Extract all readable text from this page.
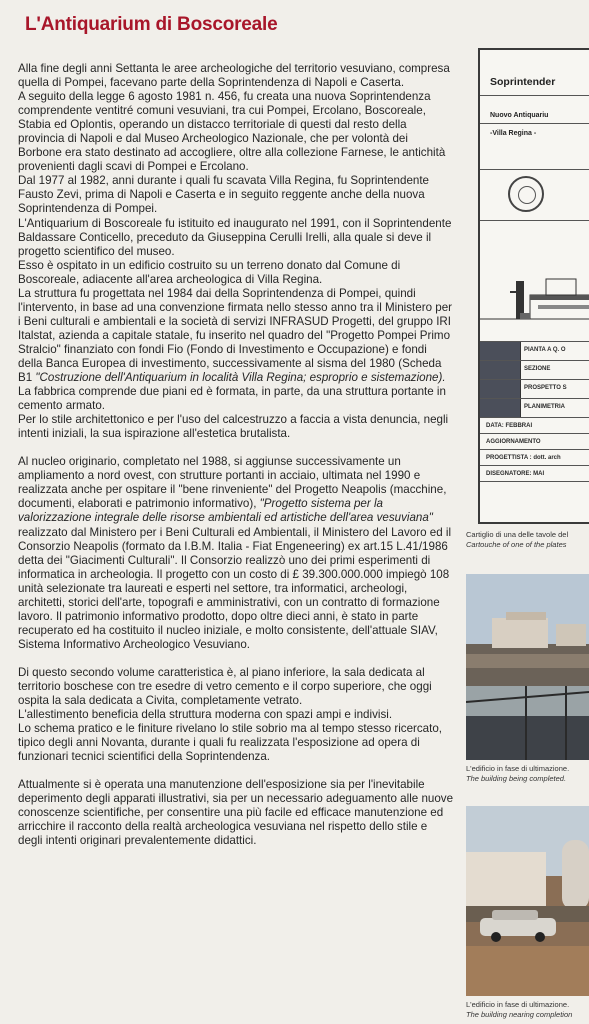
L'Antiquarium di Boscoreale

Alla fine degli anni Settanta le aree archeologiche del territorio vesuviano, compresa quella di Pompei, facevano parte della Soprintendenza di Napoli e Caserta.

A seguito della legge 6 agosto 1981 n. 456, fu creata una nuova Soprintendenza comprendente ventitré comuni vesuviani, tra cui Pompei, Ercolano, Boscoreale, Stabia ed Oplontis, operando un distacco territoriale di questi dal resto della provincia di Napoli e dal Museo Archeologico Nazionale, che per volontà dei Borbone era stato destinato ad accogliere, oltre alla collezione Farnese, le antichità provenienti dagli scavi di Pompei e Ercolano.

Dal 1977 al 1982, anni durante i quali fu scavata Villa Regina, fu Soprintendente Fausto Zevi, prima di Napoli e Caserta e in seguito reggente anche della nuova Soprintendenza di Pompei.

L'Antiquarium di Boscoreale fu istituito ed inaugurato nel 1991, con il Soprintendente Baldassare Conticello, preceduto da Giuseppina Cerulli Irelli, alla quale si deve il progetto scientifico del museo.

Esso è ospitato in un edificio costruito su un terreno donato dal Comune di Boscoreale, adiacente all'area archeologica di Villa Regina.

La struttura fu progettata nel 1984 dai della Soprintendenza di Pompei, quindi l'intervento, in base ad una convenzione firmata nello stesso anno tra il Ministero per i Beni culturali e ambientali e la società di servizi INFRASUD Progetti, del gruppo IRI Italstat, azienda a capitale statale, fu inserito nel quadro del "Progetto Pompei Primo Stralcio" finanziato con fondi Fio (Fondo di Investimento e Occupazione) e fondi della Banca Europea di investimento, successivamente al sisma del 1980 (Scheda B1 "Costruzione dell'Antiquarium in località Villa Regina; esproprio e sistemazione).

La fabbrica comprende due piani ed è formata, in parte, da una struttura portante in cemento armato.

Per lo stile architettonico e per l'uso del calcestruzzo a faccia a vista denuncia, negli intenti iniziali, la sua ispirazione all'estetica brutalista.

Al nucleo originario, completato nel 1988, si aggiunse successivamente un ampliamento a nord ovest, con strutture portanti in acciaio, ultimata nel 1990 e realizzata anche per ospitare il "bene rinveniente" del Progetto Neapolis (macchine, documenti, elaborati e patrimonio informativo), "Progetto sistema per la valorizzazione integrale delle risorse ambientali ed artistiche dell'area vesuviana" realizzato dal Ministero per i Beni Culturali ed Ambientali, il Ministero del Lavoro ed il Consorzio Neapolis (formato da I.B.M. Italia - Fiat Engeneering) ex art.15 L.41/1986 detta dei "Giacimenti Culturali". Il Consorzio realizzò uno dei primi esperimenti di informatica in archeologia. Il progetto con un costo di £ 39.300.000.000 impiegò 108 unità selezionate tra laureati e esperti nel settore, tra informatici, archeologi, architetti, storici dell'arte, topografi e amministrativi, con un contratto di formazione lavoro. Il patrimonio informativo prodotto, dopo oltre dieci anni, è stato in parte recuperato ed ha costituito il nucleo iniziale, e molto consistente, dell'attuale SIAV, Sistema Informativo Archeologico Vesuviano.

Di questo secondo volume caratteristica è, al piano inferiore, la sala dedicata al territorio boschese con tre esedre di vetro cemento e il corpo superiore, che oggi ospita la sala dedicata a Civita, completamente vetrato.

L'allestimento beneficia della struttura moderna con spazi ampi e indivisi.

Lo schema pratico e le finiture rivelano lo stile sobrio ma al tempo stesso ricercato, tipico degli anni Novanta, durante i quali fu realizzata l'esposizione ad opera di funzionari tecnici scientifici della Soprintendenza.

Attualmente si è operata una manutenzione dell'esposizione sia per l'inevitabile deperimento degli apparati illustrativi, sia per un necessario adeguamento alle nuove conoscenze scientifiche, per consentire una più facile ed efficace manutenzione ed arricchire il racconto della realtà archeologica vesuviana nel rispetto dello stile e degli intenti originari prevalentemente didattici.

Soprintender
Nuovo Antiquariu
-Villa Regina -
PIANTA A Q. O
SEZIONE
PROSPETTO S
PLANIMETRIA
DATA: FEBBRAI
AGGIORNAMENTO
PROGETTISTA : dott. arch
DISEGNATORE: MAI
Cartiglio di una delle tavole del
Cartouche of one of the plates
L'edificio in fase di ultimazione.
The building being completed.
L'edificio in fase di ultimazione.
The building nearing completion
